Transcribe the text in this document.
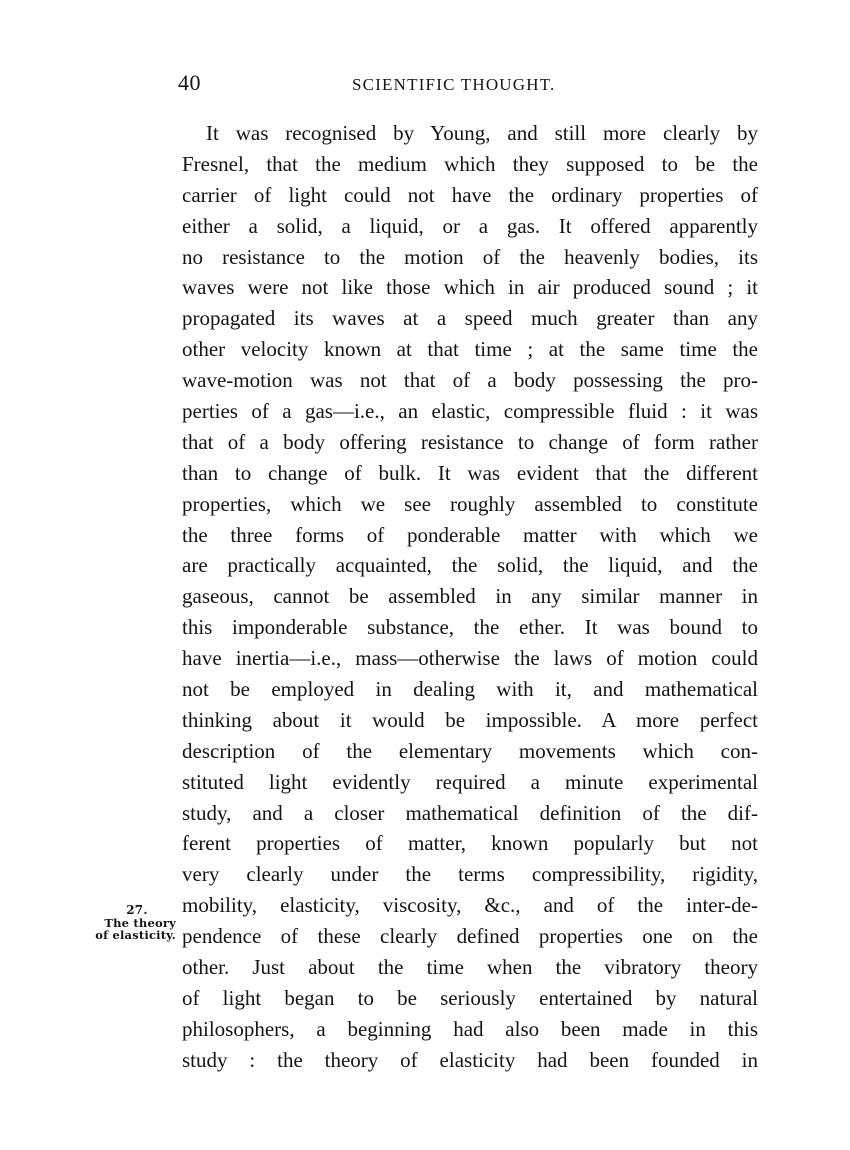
40	SCIENTIFIC THOUGHT.
27.
The theory
of elasticity.
It was recognised by Young, and still more clearly by
Fresnel, that the medium which they supposed to be the
carrier of light could not have the ordinary properties of
either a solid, a liquid, or a gas. It offered apparently
no resistance to the motion of the heavenly bodies, its
waves were not like those which in air produced sound ; it
propagated its waves at a speed much greater than any
other velocity known at that time ; at the same time the
wave-motion was not that of a body possessing the pro-
perties of a gas—i.e., an elastic, compressible fluid : it was
that of a body offering resistance to change of form rather
than to change of bulk. It was evident that the different
properties, which we see roughly assembled to constitute
the three forms of ponderable matter with which we
are practically acquainted, the solid, the liquid, and the
gaseous, cannot be assembled in any similar manner in
this imponderable substance, the ether. It was bound to
have inertia—i.e., mass—otherwise the laws of motion could
not be employed in dealing with it, and mathematical
thinking about it would be impossible. A more perfect
description of the elementary movements which con-
stituted light evidently required a minute experimental
study, and a closer mathematical definition of the dif-
ferent properties of matter, known popularly but not
very clearly under the terms compressibility, rigidity,
mobility, elasticity, viscosity, &c., and of the inter-de-
pendence of these clearly defined properties one on the
other. Just about the time when the vibratory theory
of light began to be seriously entertained by natural
philosophers, a beginning had also been made in this
study : the theory of elasticity had been founded in
